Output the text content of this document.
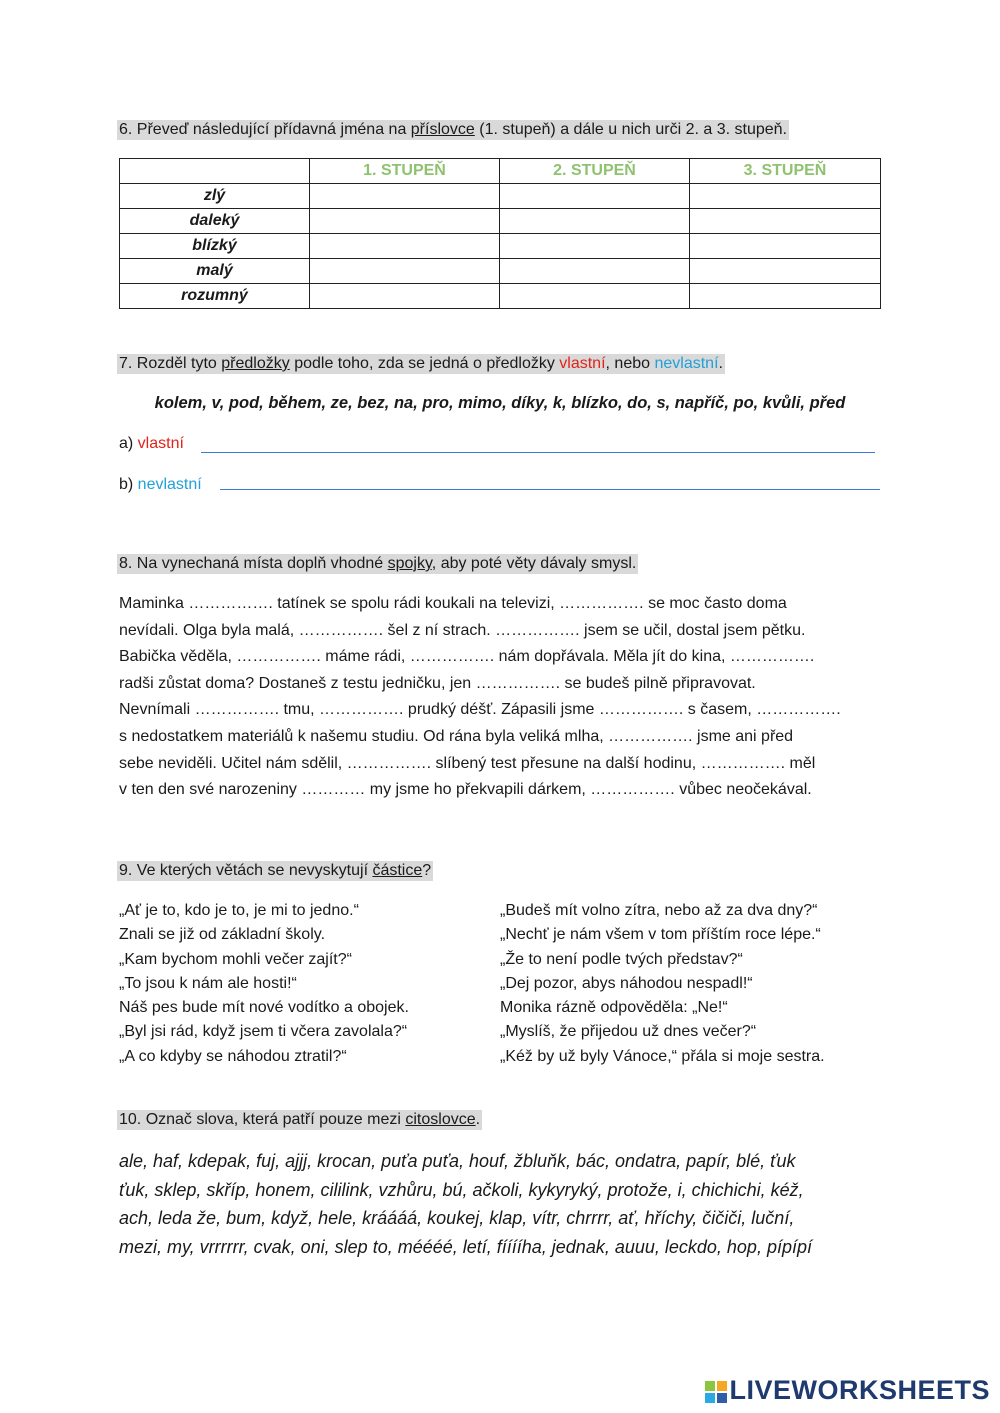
6. Převeď následující přídavná jména na příslovce (1. stupeň) a dále u nich urči 2. a 3. stupeň.
	1. STUPEŇ	2. STUPEŇ	3. STUPEŇ
zlý			
daleký			
blízký			
malý			
rozumný			
7. Rozděl tyto předložky podle toho, zda se jedná o předložky vlastní, nebo nevlastní.
kolem, v, pod, během, ze, bez, na, pro, mimo, díky, k, blízko, do, s, napříč, po, kvůli, před
a) vlastní
b) nevlastní
8. Na vynechaná místa doplň vhodné spojky, aby poté věty dávaly smysl.
Maminka ……………. tatínek se spolu rádi koukali na televizi, ……………. se moc často doma
nevídali. Olga byla malá, ……………. šel z ní strach. ……………. jsem se učil, dostal jsem pětku.
Babička věděla, ……………. máme rádi, ……………. nám dopřávala. Měla jít do kina, …………….
radši zůstat doma? Dostaneš z testu jedničku, jen ……………. se budeš pilně připravovat.
Nevnímali ……………. tmu, ……………. prudký déšť. Zápasili jsme ……………. s časem, …………….
s nedostatkem materiálů k našemu studiu. Od rána byla veliká mlha, ……………. jsme ani před
sebe neviděli. Učitel nám sdělil, ……………. slíbený test přesune na další hodinu, ……………. měl
v ten den své narozeniny ………… my jsme ho překvapili dárkem, ……………. vůbec neočekával.
9. Ve kterých větách se nevyskytují částice?
„Ať je to, kdo je to, je mi to jedno.“
Znali se již od základní školy.
„Kam bychom mohli večer zajít?“
„To jsou k nám ale hosti!“
Náš pes bude mít nové vodítko a obojek.
„Byl jsi rád, když jsem ti včera zavolala?“
„A co kdyby se náhodou ztratil?“
„Budeš mít volno zítra, nebo až za dva dny?“
„Nechť je nám všem v tom příštím roce lépe.“
„Že to není podle tvých představ?“
„Dej pozor, abys náhodou nespadl!“
Monika rázně odpověděla: „Ne!“
„Myslíš, že přijedou už dnes večer?“
„Kéž by už byly Vánoce,“ přála si moje sestra.
10. Označ slova, která patří pouze mezi citoslovce.
ale, haf, kdepak, fuj, ajjj, krocan, puťa puťa, houf, žbluňk, bác, ondatra, papír, blé, ťuk
ťuk, sklep, skříp, honem, cililink, vzhůru, bú, ačkoli, kykyryký, protože, i, chichichi, kéž,
ach, leda že, bum, když, hele, kráááá, koukej, klap, vítr, chrrrr, ať, hříchy, čičiči, luční,
mezi, my, vrrrrrr, cvak, oni, slep to, méééé, letí, fííííha, jednak, auuu, leckdo, hop, pípípí
LIVEWORKSHEETS
